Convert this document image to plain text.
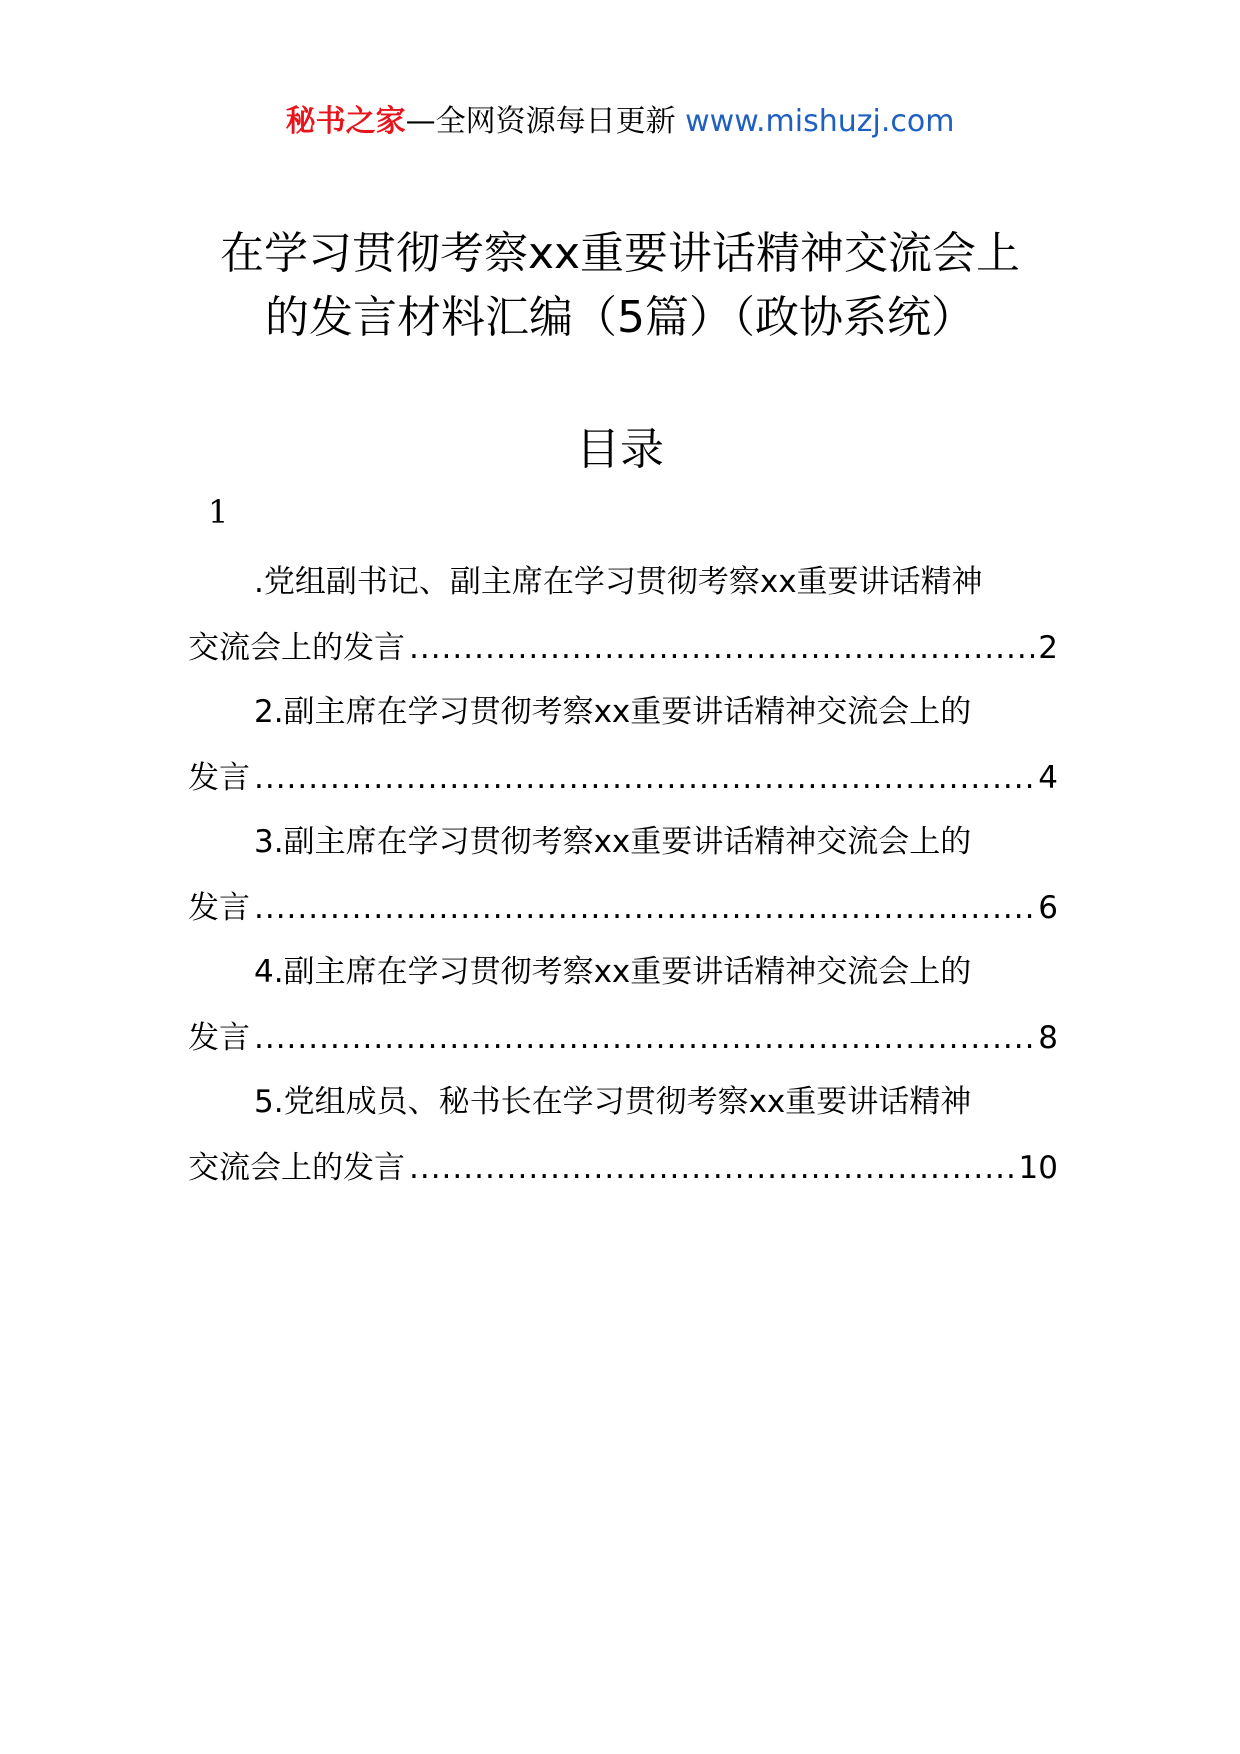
秘书之家—全网资源每日更新 www.mishuzj.com
在学习贯彻考察xx重要讲话精神交流会上
的发言材料汇编（5篇）（政协系统）
目录
1
.党组副书记、副主席在学习贯彻考察xx重要讲话精神
交流会上的发言 .....	2
2.副主席在学习贯彻考察xx重要讲话精神交流会上的
发言 .....	4
3.副主席在学习贯彻考察xx重要讲话精神交流会上的
发言 .....	6
4.副主席在学习贯彻考察xx重要讲话精神交流会上的
发言 .....	8
5.党组成员、秘书长在学习贯彻考察xx重要讲话精神
交流会上的发言 .....	10
